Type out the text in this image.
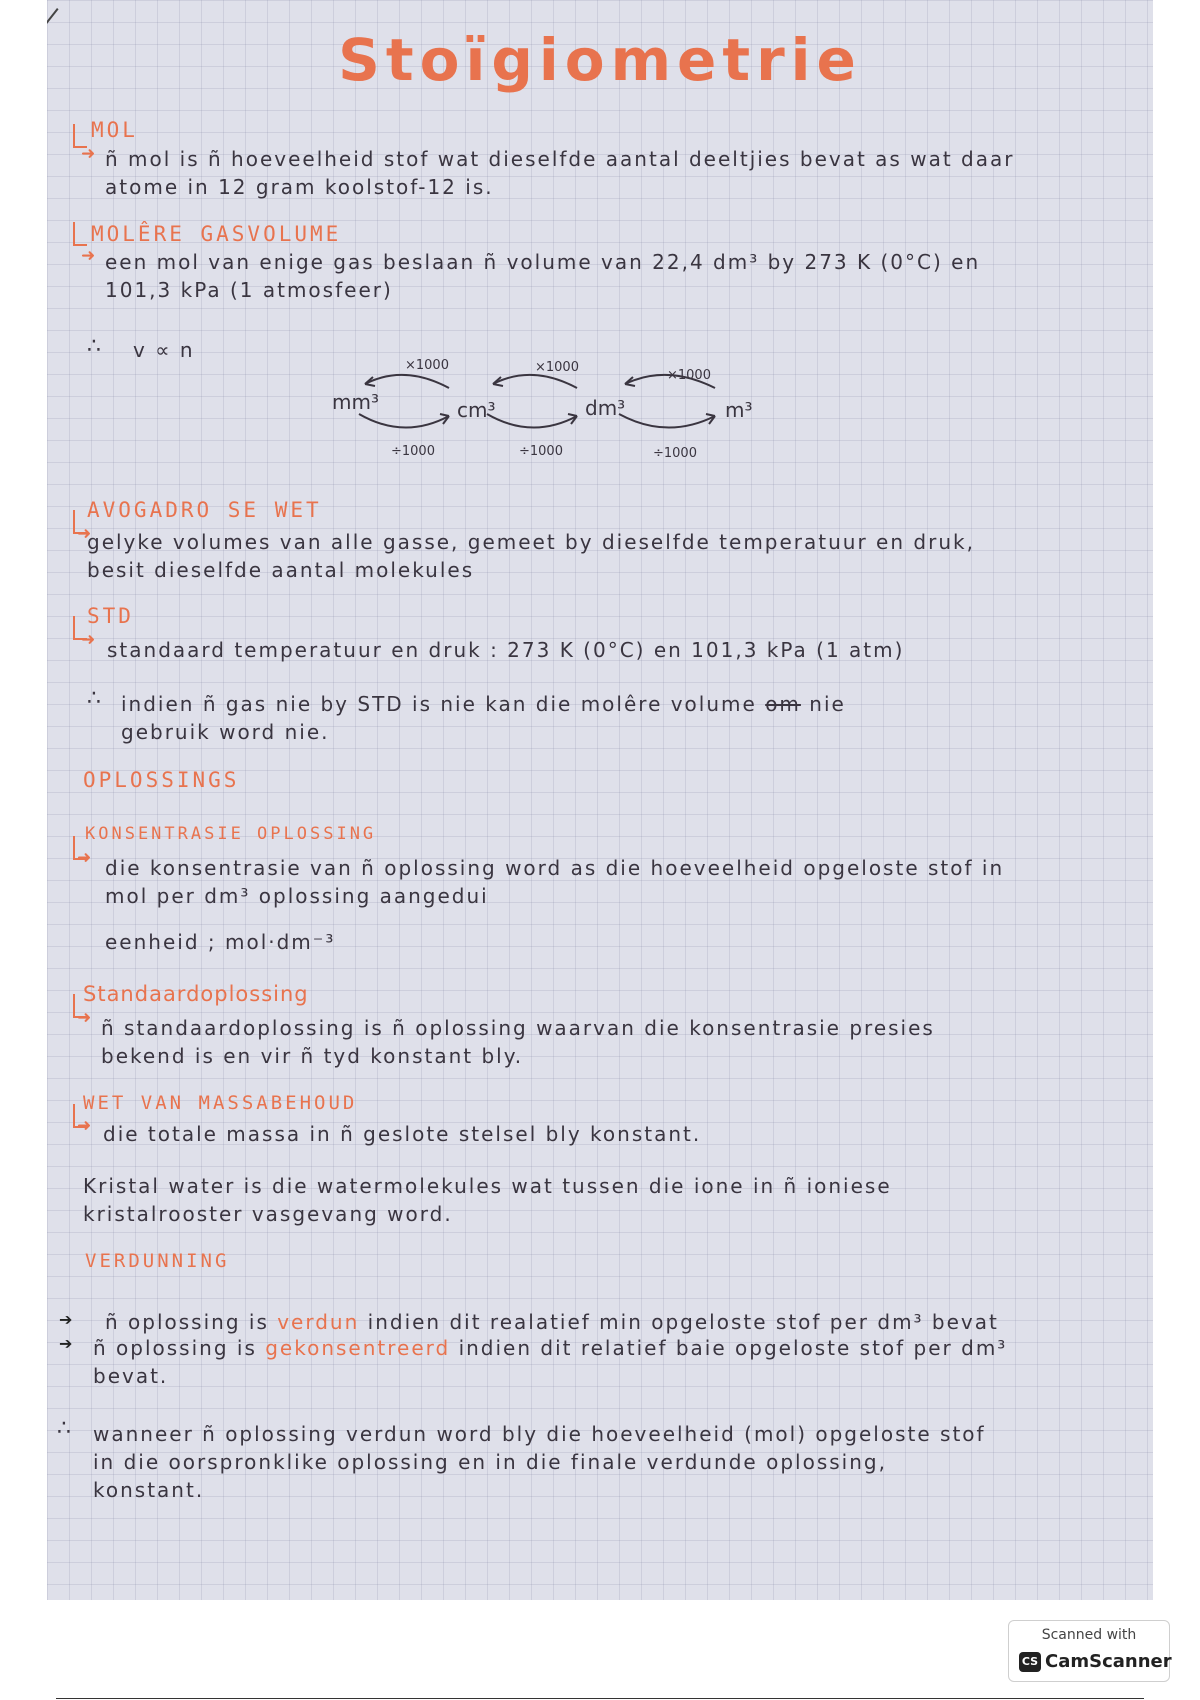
Stoïgiometrie
MOL
➜ ñ mol is ñ hoeveelheid stof wat dieselfde aantal deeltjies bevat as wat daar
atome in 12 gram koolstof-12 is.
MOLÊRE GASVOLUME
➜ een mol van enige gas beslaan ñ volume van 22,4 dm³ by 273 K (0°C) en
101,3 kPa (1 atmosfeer)
∴ v ∝ n
mm³	cm³	dm³	m³
×1000	×1000
×1000
÷1000	÷1000	÷1000
AVOGADRO SE WET
➜
gelyke volumes van alle gasse, gemeet by dieselfde temperatuur en druk,
besit dieselfde aantal molekules
STD
➜ standaard temperatuur en druk : 273 K (0°C) en 101,3 kPa (1 atm)
∴ indien ñ gas nie by STD is nie kan die molêre volume om nie
gebruik word nie.
OPLOSSINGS
KONSENTRASIE OPLOSSING
➜ die konsentrasie van ñ oplossing word as die hoeveelheid opgeloste stof in
mol per dm³ oplossing aangedui
eenheid ; mol·dm⁻³
Standaardoplossing
➜ ñ standaardoplossing is ñ oplossing waarvan die konsentrasie presies
bekend is en vir ñ tyd konstant bly.
WET VAN MASSABEHOUD
➜ die totale massa in ñ geslote stelsel bly konstant.
Kristal water is die watermolekules wat tussen die ione in ñ ioniese
kristalrooster vasgevang word.
VERDUNNING
➔ ñ oplossing is verdun indien dit realatief min opgeloste stof per dm³ bevat
➔ ñ oplossing is gekonsentreerd indien dit relatief baie opgeloste stof per dm³
bevat.
∴ wanneer ñ oplossing verdun word bly die hoeveelheid (mol) opgeloste stof
in die oorspronklike oplossing en in die finale verdunde oplossing,
konstant.
Scanned with
CS CamScanner
